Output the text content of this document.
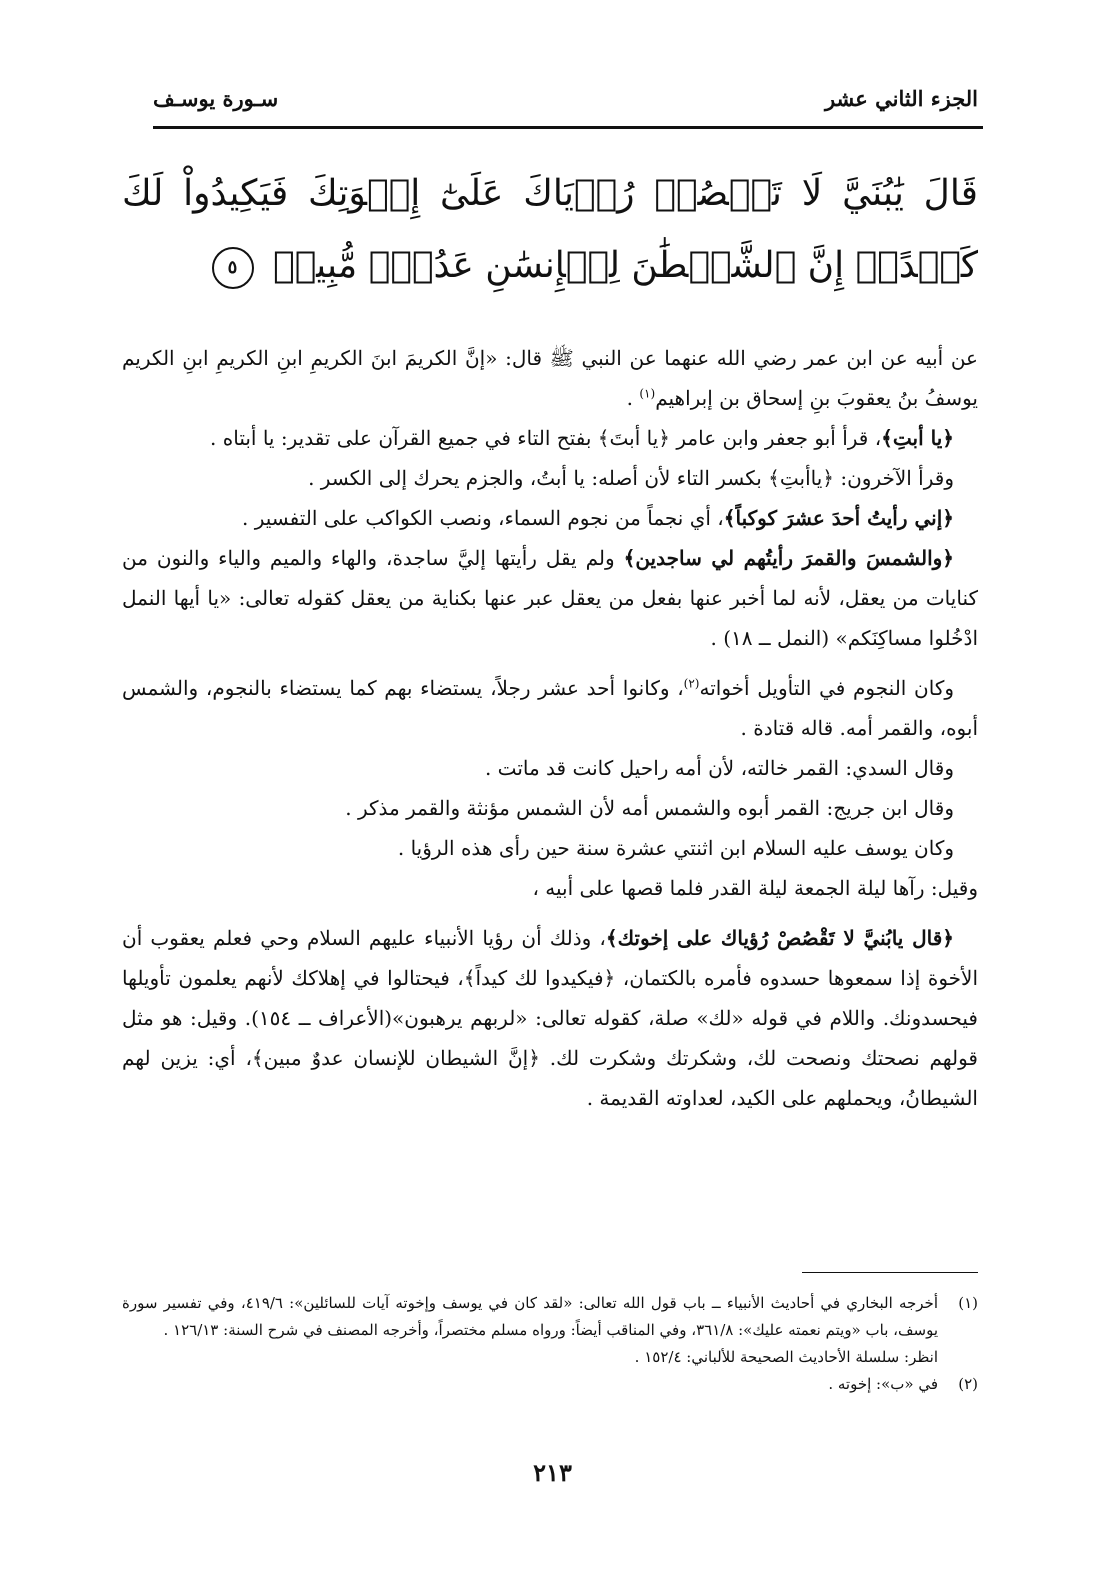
الجزء الثاني عشر
سـورة يوسـف
قَالَ يَٰبُنَيَّ لَا تَقۡصُصۡ رُءۡيَاكَ عَلَىٰٓ إِخۡوَتِكَ فَيَكِيدُواْ لَكَ كَيۡدًاۖ إِنَّ ٱلشَّيۡطَٰنَ لِلۡإِنسَٰنِ عَدُوّٞ مُّبِينٞ ٥

عن أبيه عن ابن عمر رضي الله عنهما عن النبي ﷺ قال: «إنَّ الكريمَ ابنَ الكريمِ ابنِ الكريمِ ابنِ الكريم يوسفُ بنُ يعقوبَ بنِ إسحاق بن إبراهيم$^{(١)}$ .

﴿يا أبتِ﴾، قرأ أبو جعفر وابن عامر ﴿يا أبتَ﴾ بفتح التاء في جميع القرآن على تقدير: يا أبتاه .

وقرأ الآخرون: ﴿ياأبتِ﴾ بكسر التاء لأن أصله: يا أبتُ، والجزم يحرك إلى الكسر .

﴿إني رأيتُ أحدَ عشرَ كوكباً﴾، أي نجماً من نجوم السماء، ونصب الكواكب على التفسير .

﴿والشمسَ والقمرَ رأيتُهم لي ساجدين﴾ ولم يقل رأيتها إليَّ ساجدة، والهاء والميم والياء والنون من كنايات من يعقل، لأنه لما أخبر عنها بفعل من يعقل عبر عنها بكناية من يعقل كقوله تعالى: «يا أيها النمل ادْخُلوا مساكِنَكم» (النمل ــ ١٨) .

وكان النجوم في التأويل أخواته$^{(٢)}$، وكانوا أحد عشر رجلاً، يستضاء بهم كما يستضاء بالنجوم، والشمس أبوه، والقمر أمه. قاله قتادة .

وقال السدي: القمر خالته، لأن أمه راحيل كانت قد ماتت .

وقال ابن جريج: القمر أبوه والشمس أمه لأن الشمس مؤنثة والقمر مذكر .

وكان يوسف عليه السلام ابن اثنتي عشرة سنة حين رأى هذه الرؤيا .

وقيل: رآها ليلة الجمعة ليلة القدر فلما قصها على أبيه ،

﴿قال يابُنيَّ لا تَقْصُصْ رُؤياك على إخوتك﴾، وذلك أن رؤيا الأنبياء عليهم السلام وحي فعلم يعقوب أن الأخوة إذا سمعوها حسدوه فأمره بالكتمان، ﴿فيكيدوا لك كيداً﴾، فيحتالوا في إهلاكك لأنهم يعلمون تأويلها فيحسدونك. واللام في قوله «لك» صلة، كقوله تعالى: «لربهم يرهبون»(الأعراف ــ ١٥٤). وقيل: هو مثل قولهم نصحتك ونصحت لك، وشكرتك وشكرت لك. ﴿إنَّ الشيطان للإنسان عدوٌ مبين﴾، أي: يزين لهم الشيطانُ، ويحملهم على الكيد، لعداوته القديمة .

(١)
أخرجه البخاري في أحاديث الأنبياء ــ باب قول الله تعالى: «لقد كان في يوسف وإخوته آيات للسائلين»: ٤١٩/٦، وفي تفسير سورة يوسف، باب «ويتم نعمته عليك»: ٣٦١/٨، وفي المناقب أيضاً: ورواه مسلم مختصراً، وأخرجه المصنف في شرح السنة: ١٢٦/١٣ .
انظر: سلسلة الأحاديث الصحيحة للألباني: ١٥٢/٤ .
(٢)
في «ب»: إخوته .
٢١٣
